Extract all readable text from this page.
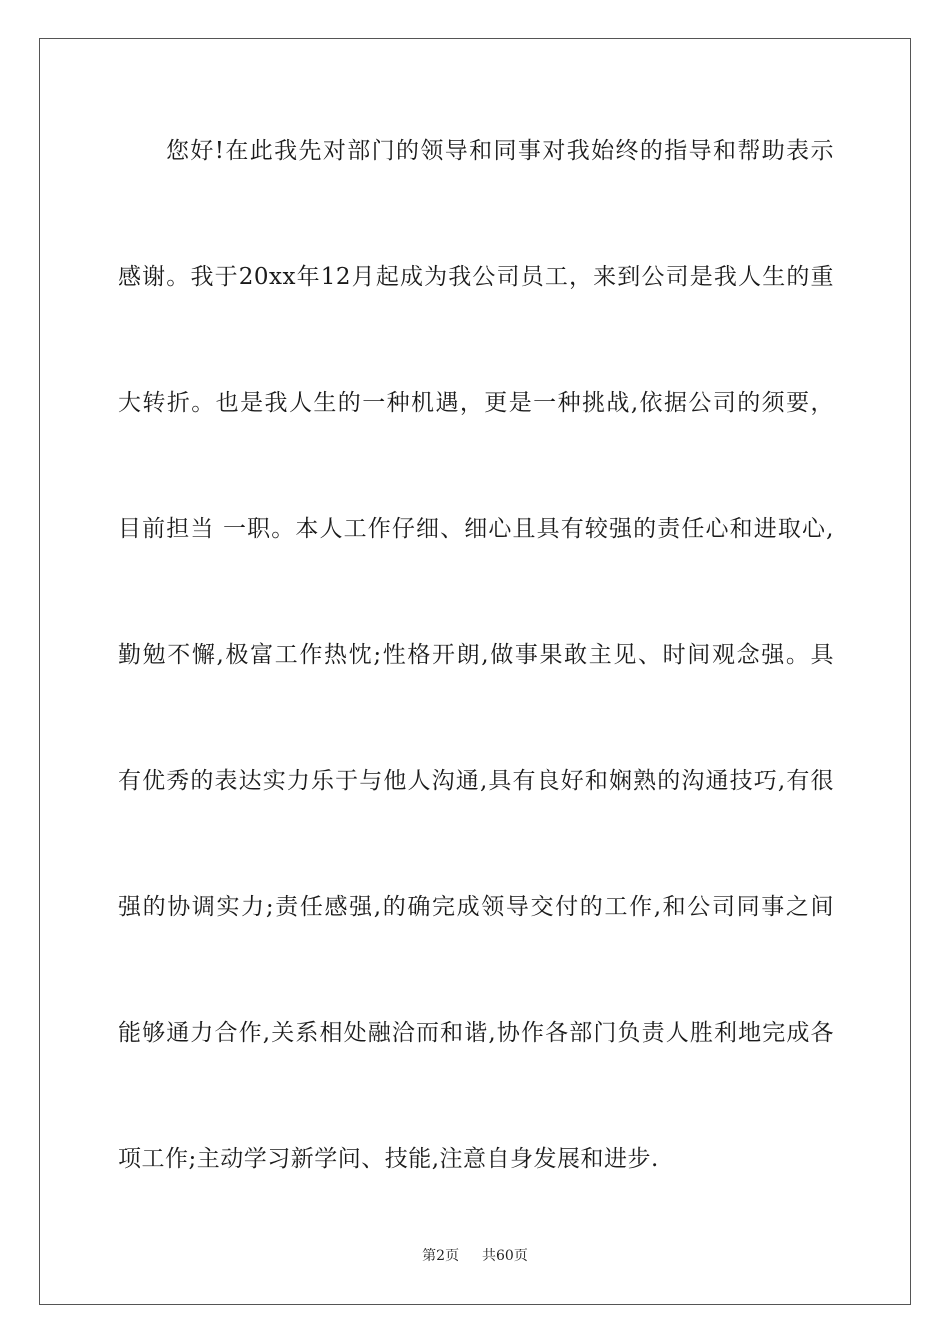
您好!在此我先对部门的领导和同事对我始终的指导和帮助表示
感谢。我于20xx年12月起成为我公司员工，来到公司是我人生的重
大转折。也是我人生的一种机遇，更是一种挑战,依据公司的须要，
目前担当 一职。本人工作仔细、细心且具有较强的责任心和进取心,
勤勉不懈,极富工作热忱;性格开朗,做事果敢主见、时间观念强。具
有优秀的表达实力乐于与他人沟通,具有良好和娴熟的沟通技巧,有很
强的协调实力;责任感强,的确完成领导交付的工作,和公司同事之间
能够通力合作,关系相处融洽而和谐,协作各部门负责人胜利地完成各
项工作;主动学习新学问、技能,注意自身发展和进步.
第2页 共60页
